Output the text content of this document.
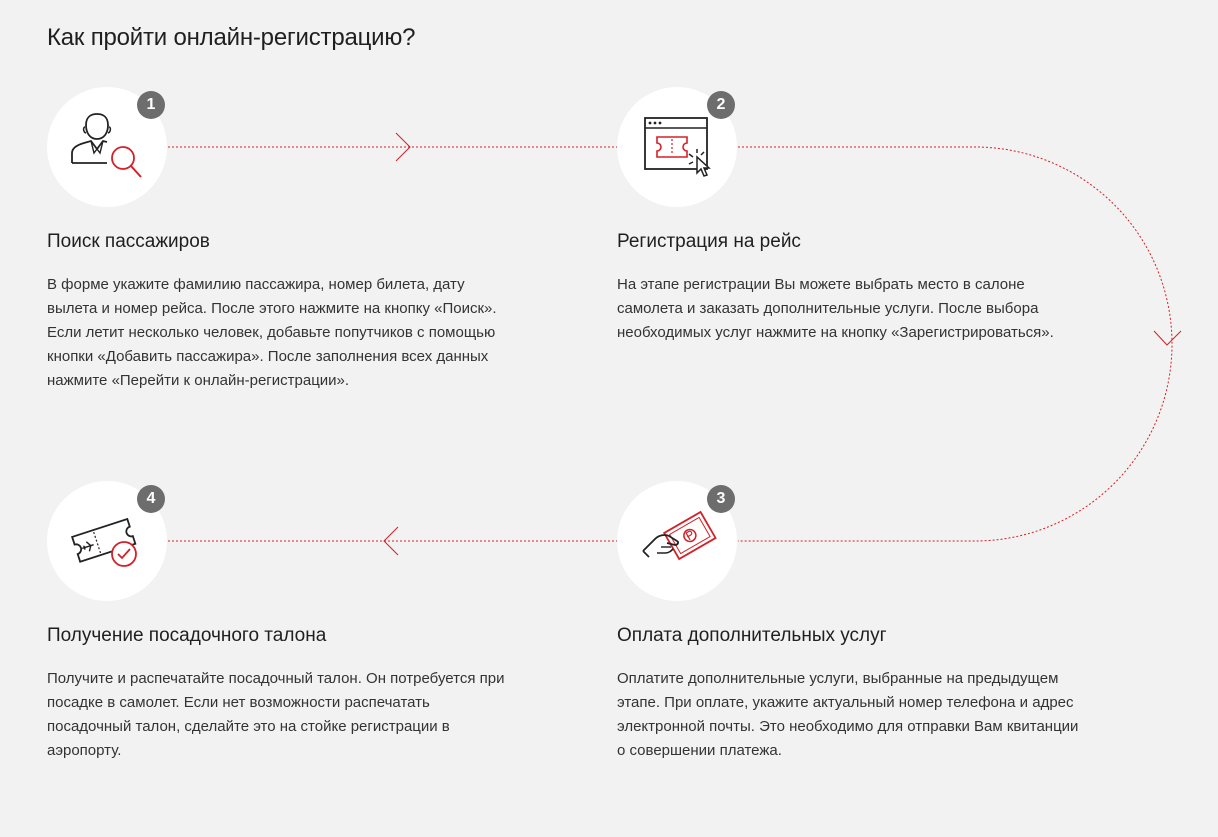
Как пройти онлайн-регистрацию?
1
Поиск пассажиров

В форме укажите фамилию пассажира, номер билета, дату вылета и номер рейса. После этого нажмите на кнопку «Поиск». Если летит несколько человек, добавьте попутчиков с помощью кнопки «Добавить пассажира». После заполнения всех данных нажмите «Перейти к онлайн-регистрации».

2
Регистрация на рейс

На этапе регистрации Вы можете выбрать место в салоне самолета и заказать дополнительные услуги. После выбора необходимых услуг нажмите на кнопку «Зарегистрироваться».

3
Оплата дополнительных услуг

Оплатите дополнительные услуги, выбранные на предыдущем этапе. При оплате, укажите актуальный номер телефона и адрес электронной почты. Это необходимо для отправки Вам квитанции о совершении платежа.

4
Получение посадочного талона

Получите и распечатайте посадочный талон. Он потребуется при посадке в самолет. Если нет возможности распечатать посадочный талон, сделайте это на стойке регистрации в аэропорту.
